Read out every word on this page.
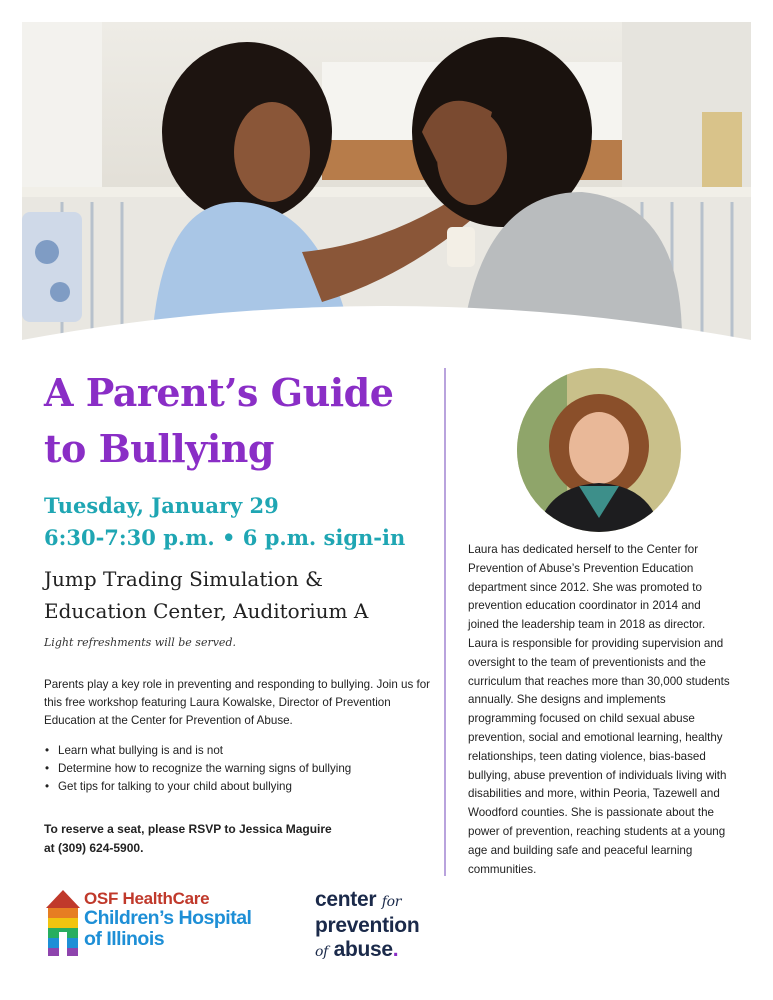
A Parent’s Guide
to Bullying
Tuesday, January 29
6:30-7:30 p.m. • 6 p.m. sign-in
Jump Trading Simulation &
Education Center, Auditorium A
Light refreshments will be served.

Parents play a key role in preventing and responding to bullying. Join us for this free workshop featuring Laura Kowalske, Director of Prevention Education at the Center for Prevention of Abuse.

• Learn what bullying is and is not
• Determine how to recognize the warning signs of bullying
• Get tips for talking to your child about bullying
To reserve a seat, please RSVP to Jessica Maguire
at (309) 624-5900.

Laura has dedicated herself to the Center for Prevention of Abuse’s Prevention Education department since 2012. She was promoted to prevention education coordinator in 2014 and joined the leadership team in 2018 as director. Laura is responsible for providing supervision and oversight to the team of preventionists and the curriculum that reaches more than 30,000 students annually. She designs and implements programming focused on child sexual abuse prevention, social and emotional learning, healthy relationships, teen dating violence, bias-based bullying, abuse prevention of individuals living with disabilities and more, within Peoria, Tazewell and Woodford counties. She is passionate about the power of prevention, reaching students at a young age and building safe and peaceful learning communities.

OSF HealthCare
Children’s Hospital
of Illinois
center for
prevention
of abuse.
